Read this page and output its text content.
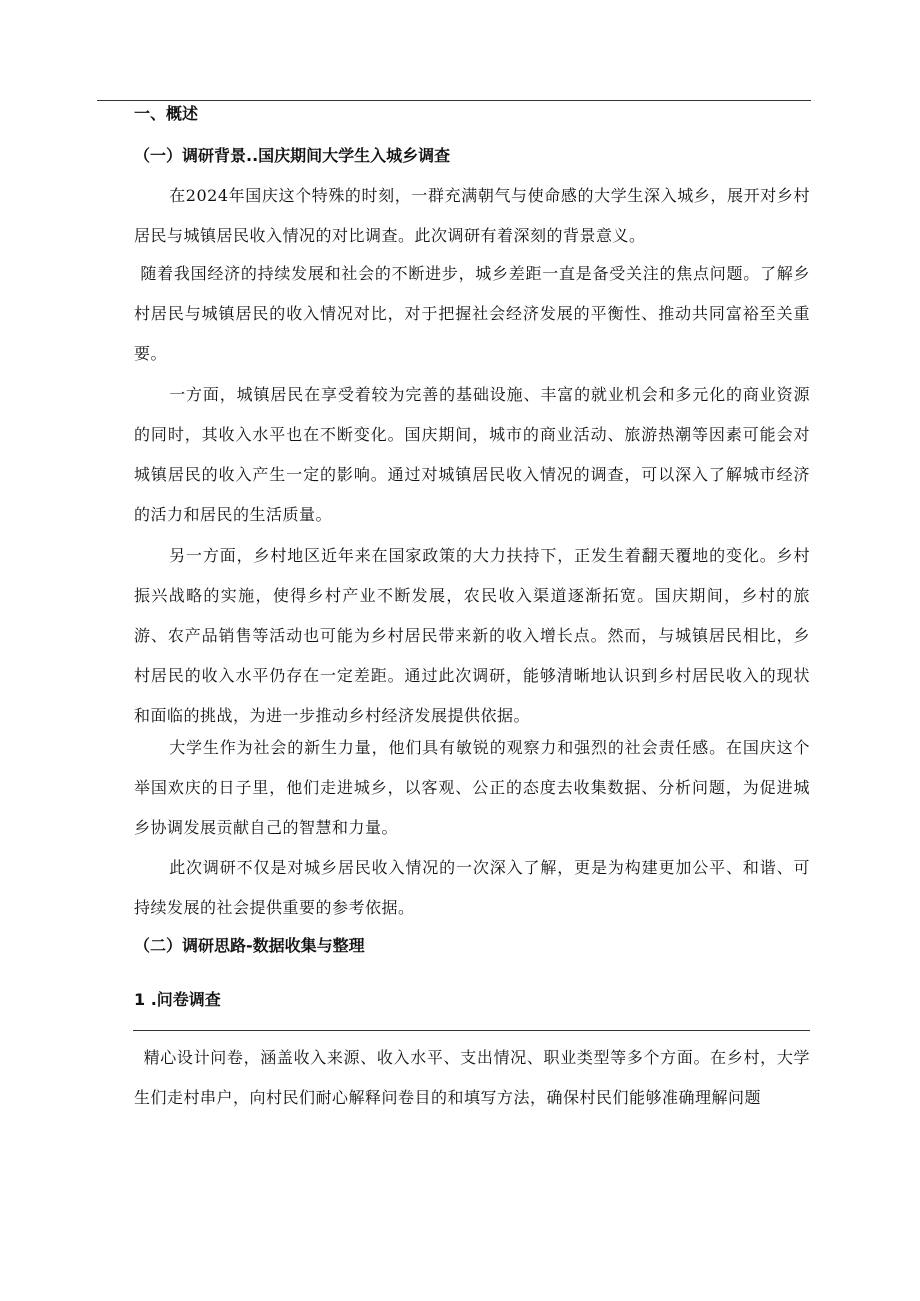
一、概述
（一）调研背景..国庆期间大学生入城乡调查

在2024年国庆这个特殊的时刻，一群充满朝气与使命感的大学生深入城乡，展开对乡村居民与城镇居民收入情况的对比调查。此次调研有着深刻的背景意义。

随着我国经济的持续发展和社会的不断进步，城乡差距一直是备受关注的焦点问题。了解乡村居民与城镇居民的收入情况对比，对于把握社会经济发展的平衡性、推动共同富裕至关重要。

一方面，城镇居民在享受着较为完善的基础设施、丰富的就业机会和多元化的商业资源的同时，其收入水平也在不断变化。国庆期间，城市的商业活动、旅游热潮等因素可能会对城镇居民的收入产生一定的影响。通过对城镇居民收入情况的调查，可以深入了解城市经济的活力和居民的生活质量。

另一方面，乡村地区近年来在国家政策的大力扶持下，正发生着翻天覆地的变化。乡村振兴战略的实施，使得乡村产业不断发展，农民收入渠道逐渐拓宽。国庆期间，乡村的旅游、农产品销售等活动也可能为乡村居民带来新的收入增长点。然而，与城镇居民相比，乡村居民的收入水平仍存在一定差距。通过此次调研，能够清晰地认识到乡村居民收入的现状和面临的挑战，为进一步推动乡村经济发展提供依据。

大学生作为社会的新生力量，他们具有敏锐的观察力和强烈的社会责任感。在国庆这个举国欢庆的日子里，他们走进城乡，以客观、公正的态度去收集数据、分析问题，为促进城乡协调发展贡献自己的智慧和力量。

此次调研不仅是对城乡居民收入情况的一次深入了解，更是为构建更加公平、和谐、可持续发展的社会提供重要的参考依据。

（二）调研思路-数据收集与整理
1 .问卷调查

精心设计问卷，涵盖收入来源、收入水平、支出情况、职业类型等多个方面。在乡村，大学生们走村串户，向村民们耐心解释问卷目的和填写方法，确保村民们能够准确理解问题
